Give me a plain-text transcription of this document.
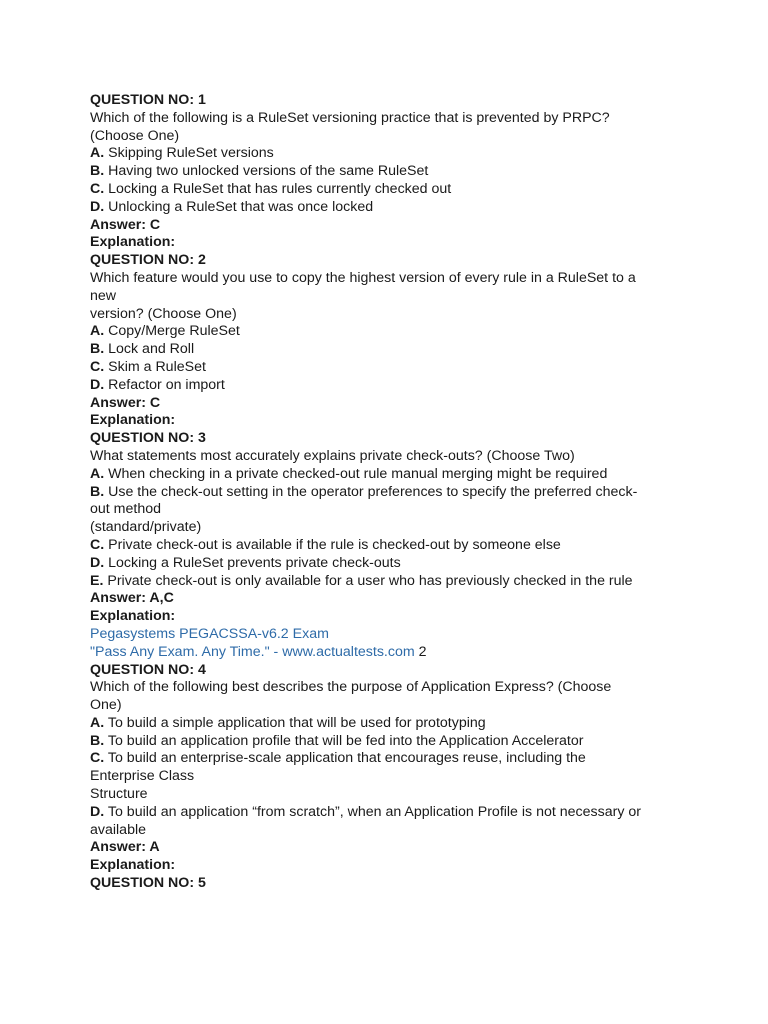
QUESTION NO: 1
Which of the following is a RuleSet versioning practice that is prevented by PRPC?
(Choose One)
A. Skipping RuleSet versions
B. Having two unlocked versions of the same RuleSet
C. Locking a RuleSet that has rules currently checked out
D. Unlocking a RuleSet that was once locked
Answer: C
Explanation:
QUESTION NO: 2
Which feature would you use to copy the highest version of every rule in a RuleSet to a
new
version? (Choose One)
A. Copy/Merge RuleSet
B. Lock and Roll
C. Skim a RuleSet
D. Refactor on import
Answer: C
Explanation:
QUESTION NO: 3
What statements most accurately explains private check-outs? (Choose Two)
A. When checking in a private checked-out rule manual merging might be required
B. Use the check-out setting in the operator preferences to specify the preferred check-
out method
(standard/private)
C. Private check-out is available if the rule is checked-out by someone else
D. Locking a RuleSet prevents private check-outs
E. Private check-out is only available for a user who has previously checked in the rule
Answer: A,C
Explanation:
Pegasystems PEGACSSA-v6.2 Exam
"Pass Any Exam. Any Time." - www.actualtests.com 2
QUESTION NO: 4
Which of the following best describes the purpose of Application Express? (Choose
One)
A. To build a simple application that will be used for prototyping
B. To build an application profile that will be fed into the Application Accelerator
C. To build an enterprise-scale application that encourages reuse, including the
Enterprise Class
Structure
D. To build an application “from scratch”, when an Application Profile is not necessary or
available
Answer: A
Explanation:
QUESTION NO: 5
